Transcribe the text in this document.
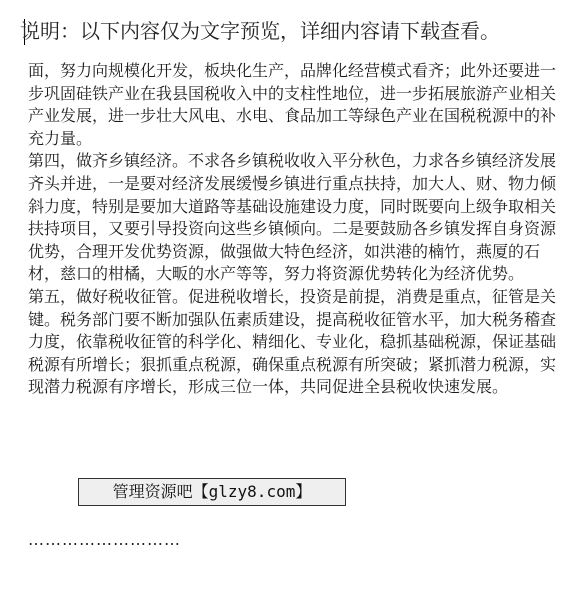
说明：以下内容仅为文字预览，详细内容请下载查看。

面，努力向规模化开发，板块化生产，品牌化经营模式看齐；此外还要进一步巩固硅铁产业在我县国税收入中的支柱性地位，进一步拓展旅游产业相关产业发展，进一步壮大风电、水电、食品加工等绿色产业在国税税源中的补充力量。

第四，做齐乡镇经济。不求各乡镇税收收入平分秋色，力求各乡镇经济发展齐头并进，一是要对经济发展缓慢乡镇进行重点扶持，加大人、财、物力倾斜力度，特别是要加大道路等基础设施建设力度，同时既要向上级争取相关扶持项目，又要引导投资向这些乡镇倾向。二是要鼓励各乡镇发挥自身资源优势，合理开发优势资源，做强做大特色经济，如洪港的楠竹，燕厦的石材，慈口的柑橘，大畈的水产等等，努力将资源优势转化为经济优势。

第五，做好税收征管。促进税收增长，投资是前提，消费是重点，征管是关键。税务部门要不断加强队伍素质建设，提高税收征管水平，加大税务稽查力度，依靠税收征管的科学化、精细化、专业化，稳抓基础税源，保证基础税源有所增长；狠抓重点税源，确保重点税源有所突破；紧抓潜力税源，实现潜力税源有序增长，形成三位一体，共同促进全县税收快速发展。

管理资源吧【glzy8.com】
………………………
